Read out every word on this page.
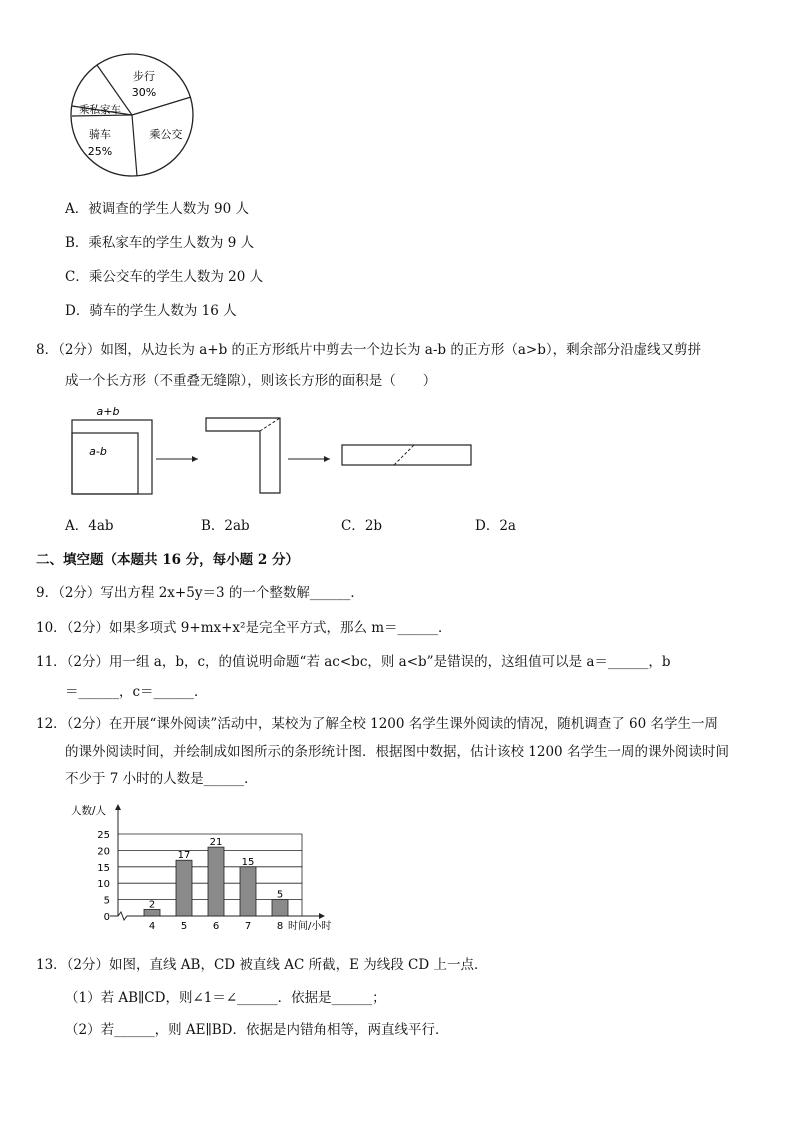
步行
30%
乘私家车
乘公交
骑车
25%
A．被调查的学生人数为 90 人
B．乘私家车的学生人数为 9 人
C．乘公交车的学生人数为 20 人
D．骑车的学生人数为 16 人
8．（2分）如图，从边长为 a+b 的正方形纸片中剪去一个边长为 a-b 的正方形（a>b），剩余部分沿虚线又剪拼
成一个长方形（不重叠无缝隙），则该长方形的面积是（　　）
a+b
a-b
A．4ab	B．2ab	C．2b	D．2a
二、填空题（本题共 16 分，每小题 2 分）
9．（2分）写出方程 2x+5y＝3 的一个整数解______．
10．（2分）如果多项式 9+mx+x²是完全平方式，那么 m＝______．
11．（2分）用一组 a，b，c，的值说明命题“若 ac<bc，则 a<b”是错误的，这组值可以是 a＝______，b
＝______，c＝______．
12．（2分）在开展“课外阅读”活动中，某校为了解全校 1200 名学生课外阅读的情况，随机调查了 60 名学生一周
的课外阅读时间，并绘制成如图所示的条形统计图．根据图中数据，估计该校 1200 名学生一周的课外阅读时间
不少于 7 小时的人数是______．
人数/人
时间/小时
0
5
10
15
20
25
2
4
17
5
21
6
15
7
5
8
13．（2分）如图，直线 AB，CD 被直线 AC 所截，E 为线段 CD 上一点．
（1）若 AB∥CD，则∠1＝∠______．依据是______；
（2）若______，则 AE∥BD．依据是内错角相等，两直线平行．
